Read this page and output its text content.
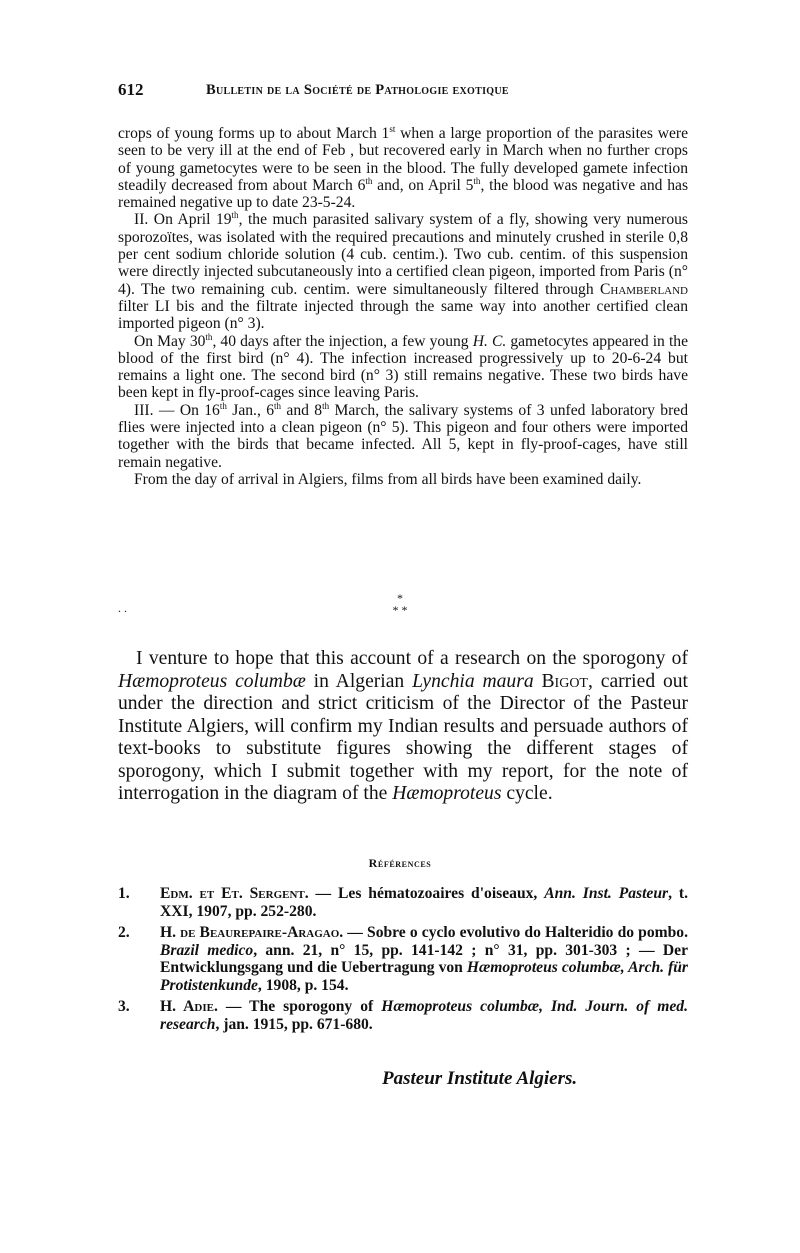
612	Bulletin de la Société de Pathologie exotique

crops of young forms up to about March 1st when a large proportion of the parasites were seen to be very ill at the end of Feb , but recovered early in March when no further crops of young gametocytes were to be seen in the blood. The fully developed gamete infection steadily decreased from about March 6th and, on April 5th, the blood was negative and has remained negative up to date 23-5-24.

II. On April 19th, the much parasited salivary system of a fly, showing very numerous sporozoïtes, was isolated with the required precautions and minutely crushed in sterile 0,8 per cent sodium chloride solution (4 cub. centim.). Two cub. centim. of this suspension were directly injected subcutaneously into a certified clean pigeon, imported from Paris (n° 4). The two remaining cub. centim. were simultaneously filtered through Chamberland filter LI bis and the filtrate injected through the same way into another certified clean imported pigeon (n° 3).

On May 30th, 40 days after the injection, a few young H. C. gametocytes appeared in the blood of the first bird (n° 4). The infection increased progressively up to 20-6-24 but remains a light one. The second bird (n° 3) still remains negative. These two birds have been kept in fly-proof-cages since leaving Paris.

III. — On 16th Jan., 6th and 8th March, the salivary systems of 3 unfed laboratory bred flies were injected into a clean pigeon (n° 5). This pigeon and four others were imported together with the birds that became infected. All 5, kept in fly-proof-cages, have still remain negative.

From the day of arrival in Algiers, films from all birds have been examined daily.

*
* *
. .

I venture to hope that this account of a research on the sporogony of Hæmoproteus columbæ in Algerian Lynchia maura Bigot, carried out under the direction and strict criticism of the Director of the Pasteur Institute Algiers, will confirm my Indian results and persuade authors of text-books to substitute figures showing the different stages of sporogony, which I submit together with my report, for the note of interrogation in the diagram of the Hæmoproteus cycle.

Références
1. Edm. et Et. Sergent. — Les hématozoaires d'oiseaux, Ann. Inst. Pasteur, t. XXI, 1907, pp. 252-280.
2. H. de Beaurepaire-Aragao. — Sobre o cyclo evolutivo do Halteridio do pombo. Brazil medico, ann. 21, n° 15, pp. 141-142 ; n° 31, pp. 301-303 ; — Der Entwicklungsgang und die Uebertragung von Hæmoproteus columbæ, Arch. für Protistenkunde, 1908, p. 154.
3. H. Adie. — The sporogony of Hæmoproteus columbæ, Ind. Journ. of med. research, jan. 1915, pp. 671-680.
Pasteur Institute Algiers.
